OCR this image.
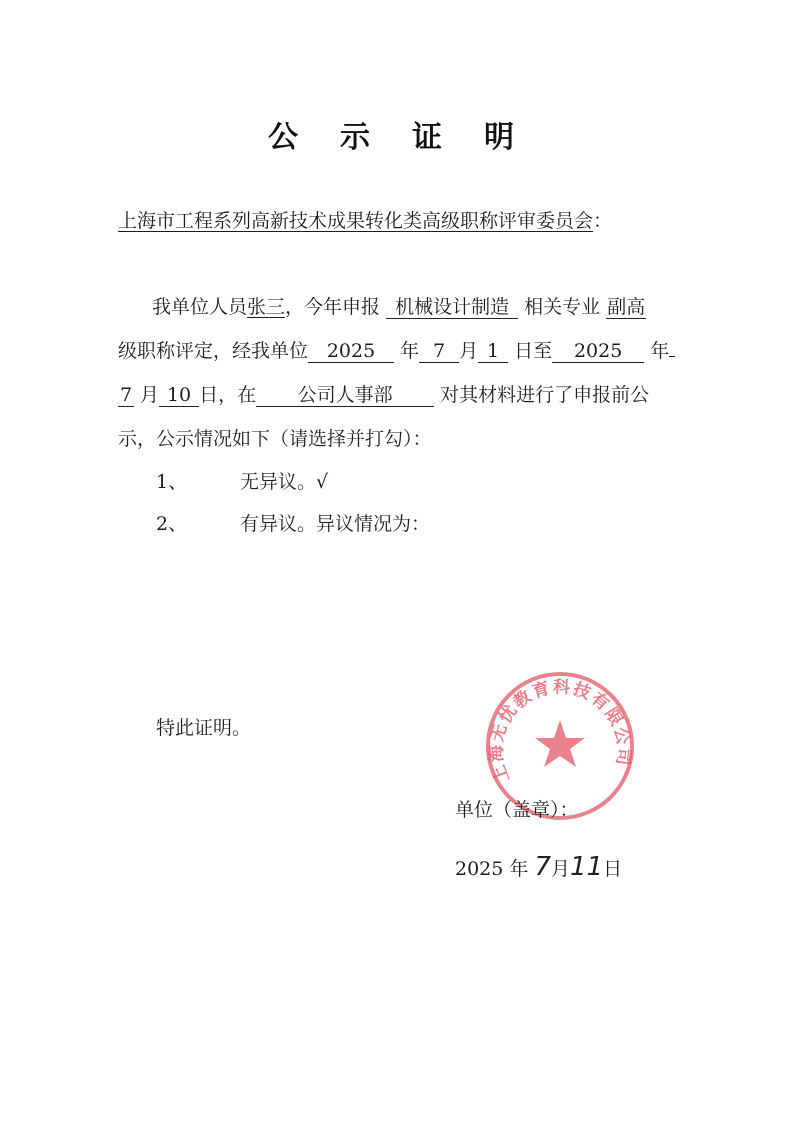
公示证明
上海市工程系列高新技术成果转化类高级职称评审委员会：
我单位人员张三，今年申报 机械设计制造 相关专业 副高
级职称评定，经我单位 2025 年 7 月 1 日至 2025 年
7 月 10 日，在 公司人事部	对其材料进行了申报前公
示，公示情况如下（请选择并打勾）：
1、	无异议。√
2、	有异议。异议情况为：
特此证明。
上海无忧教育科技有限公司
单位（盖章）：
2025 年 7月11日
